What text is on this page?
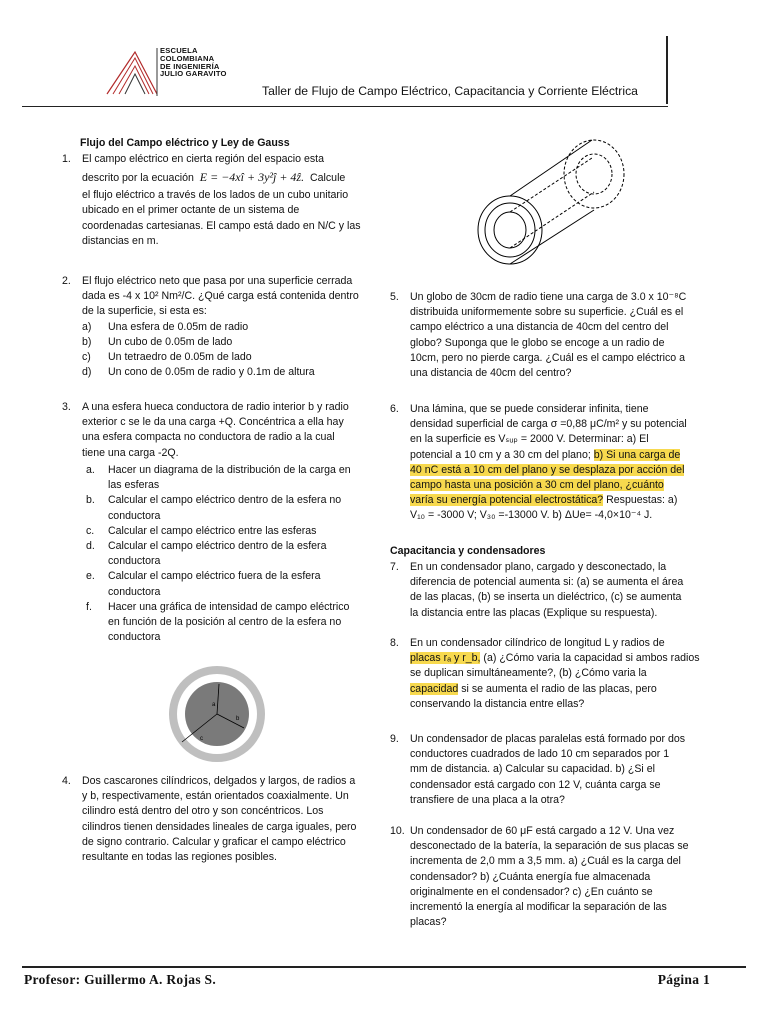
ESCUELA
COLOMBIANA
DE INGENIERÍA
JULIO GARAVITO
Taller de Flujo de Campo Eléctrico, Capacitancia y Corriente Eléctrica
Flujo del Campo eléctrico y Ley de Gauss
1. El campo eléctrico en cierta región del espacio esta
descrito por la ecuación E = −4xî + 3y²ĵ + 4ẑ. Calcule
el flujo eléctrico a través de los lados de un cubo unitario
ubicado en el primer octante de un sistema de
coordenadas cartesianas. El campo está dado en N/C y las
distancias en m.
2. El flujo eléctrico neto que pasa por una superficie cerrada
dada es -4 x 10² Nm²/C. ¿Qué carga está contenida dentro
de la superficie, si esta es:
a) Una esfera de 0.05m de radio
b) Un cubo de 0.05m de lado
c) Un tetraedro de 0.05m de lado
d) Un cono de 0.05m de radio y 0.1m de altura
3. A una esfera hueca conductora de radio interior b y radio
exterior c se le da una carga +Q. Concéntrica a ella hay
una esfera compacta no conductora de radio a la cual
tiene una carga -2Q.
a.	Hacer un diagrama de la distribución de la carga en
las esferas
b.	Calcular el campo eléctrico dentro de la esfera no
conductora
c.	Calcular el campo eléctrico entre las esferas
d.	Calcular el campo eléctrico dentro de la esfera
conductora
e.	Calcular el campo eléctrico fuera de la esfera
conductora
f.	Hacer una gráfica de intensidad de campo eléctrico
en función de la posición al centro de la esfera no
conductora
a
b
c
4. Dos cascarones cilíndricos, delgados y largos, de radios a
y b, respectivamente, están orientados coaxialmente. Un
cilindro está dentro del otro y son concéntricos. Los
cilindros tienen densidades lineales de carga iguales, pero
de signo contrario. Calcular y graficar el campo eléctrico
resultante en todas las regiones posibles.
5. Un globo de 30cm de radio tiene una carga de 3.0 x 10⁻⁸C
distribuida uniformemente sobre su superficie. ¿Cuál es el
campo eléctrico a una distancia de 40cm del centro del
globo? Suponga que le globo se encoge a un radio de
10cm, pero no pierde carga. ¿Cuál es el campo eléctrico a
una distancia de 40cm del centro?
6. Una lámina, que se puede considerar infinita, tiene
densidad superficial de carga σ =0,88 μC/m² y su potencial
en la superficie es Vₛᵤₚ = 2000 V. Determinar: a) El
potencial a 10 cm y a 30 cm del plano; b) Si una carga de
40 nC está a 10 cm del plano y se desplaza por acción del
campo hasta una posición a 30 cm del plano, ¿cuánto
varía su energía potencial electrostática? Respuestas: a)
V₁₀ = -3000 V; V₃₀ =-13000 V. b) ΔUe= -4,0×10⁻⁴ J.
Capacitancia y condensadores
7. En un condensador plano, cargado y desconectado, la
diferencia de potencial aumenta si: (a) se aumenta el área
de las placas, (b) se inserta un dieléctrico, (c) se aumenta
la distancia entre las placas (Explique su respuesta).
8. En un condensador cilíndrico de longitud L y radios de
placas rₐ y r_b, (a) ¿Cómo varia la capacidad si ambos radios
se duplican simultáneamente?, (b) ¿Cómo varia la
capacidad si se aumenta el radio de las placas, pero
conservando la distancia entre ellas?
9. Un condensador de placas paralelas está formado por dos
conductores cuadrados de lado 10 cm separados por 1
mm de distancia. a) Calcular su capacidad. b) ¿Si el
condensador está cargado con 12 V, cuánta carga se
transfiere de una placa a la otra?
10. Un condensador de 60 μF está cargado a 12 V. Una vez
desconectado de la batería, la separación de sus placas se
incrementa de 2,0 mm a 3,5 mm. a) ¿Cuál es la carga del
condensador? b) ¿Cuánta energía fue almacenada
originalmente en el condensador? c) ¿En cuánto se
incrementó la energía al modificar la separación de las
placas?
Profesor: Guillermo A. Rojas S.	Página 1
